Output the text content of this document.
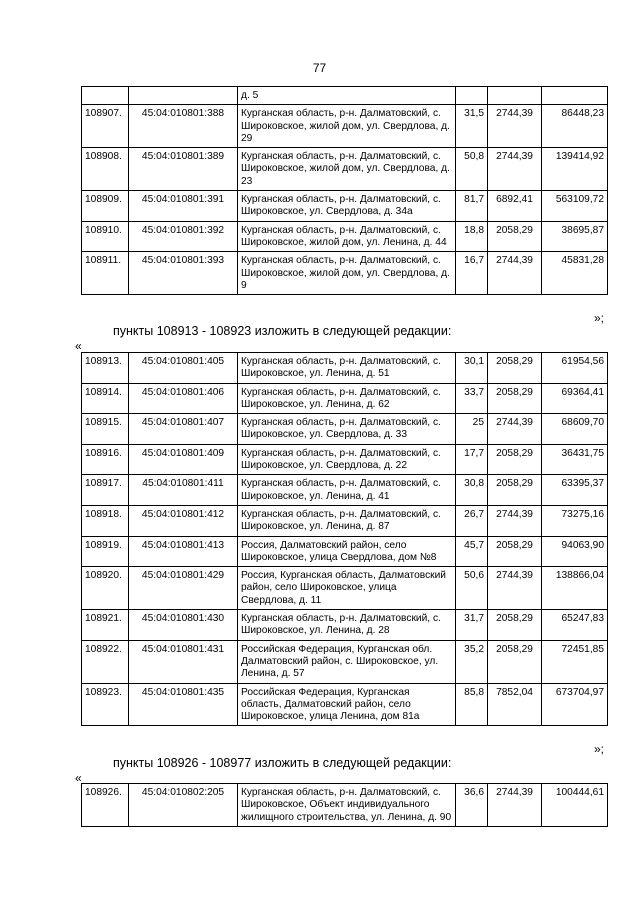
77
		д. 5			
108907.	45:04:010801:388	Курганская область, р-н. Далматовский, с. Широковское, жилой дом, ул. Свердлова, д. 29	31,5	2744,39	86448,23
108908.	45:04:010801:389	Курганская область, р-н. Далматовский, с. Широковское, жилой дом, ул. Свердлова, д. 23	50,8	2744,39	139414,92
108909.	45:04:010801:391	Курганская область, р-н. Далматовский, с. Широковское, ул. Свердлова, д. 34а	81,7	6892,41	563109,72
108910.	45:04:010801:392	Курганская область, р-н. Далматовский, с. Широковское, жилой дом, ул. Ленина, д. 44	18,8	2058,29	38695,87
108911.	45:04:010801:393	Курганская область, р-н. Далматовский, с. Широковское, жилой дом, ул. Свердлова, д. 9	16,7	2744,39	45831,28
»;
пункты 108913 - 108923 изложить в следующей редакции:
«
108913.	45:04:010801:405	Курганская область, р-н. Далматовский, с. Широковское, ул. Ленина, д. 51	30,1	2058,29	61954,56
108914.	45:04:010801:406	Курганская область, р-н. Далматовский, с. Широковское, ул. Ленина, д. 62	33,7	2058,29	69364,41
108915.	45:04:010801:407	Курганская область, р-н. Далматовский, с. Широковское, ул. Свердлова, д. 33	25	2744,39	68609,70
108916.	45:04:010801:409	Курганская область, р-н. Далматовский, с. Широковское, ул. Свердлова, д. 22	17,7	2058,29	36431,75
108917.	45:04:010801:411	Курганская область, р-н. Далматовский, с. Широковское, ул. Ленина, д. 41	30,8	2058,29	63395,37
108918.	45:04:010801:412	Курганская область, р-н. Далматовский, с. Широковское, ул. Ленина, д. 87	26,7	2744,39	73275,16
108919.	45:04:010801:413	Россия, Далматовский район, село Широковское, улица Свердлова, дом №8	45,7	2058,29	94063,90
108920.	45:04:010801:429	Россия, Курганская область, Далматовский район, село Широковское, улица Свердлова, д. 11	50,6	2744,39	138866,04
108921.	45:04:010801:430	Курганская область, р-н. Далматовский, с. Широковское, ул. Ленина, д. 28	31,7	2058,29	65247,83
108922.	45:04:010801:431	Российская Федерация, Курганская обл. Далматовский район, с. Широковское, ул. Ленина, д. 57	35,2	2058,29	72451,85
108923.	45:04:010801:435	Российская Федерация, Курганская область, Далматовский район, село Широковское, улица Ленина, дом 81а	85,8	7852,04	673704,97
»;
пункты 108926 - 108977 изложить в следующей редакции:
«
108926.	45:04:010802:205	Курганская область, р-н. Далматовский, с. Широковское, Объект индивидуального жилищного строительства, ул. Ленина, д. 90	36,6	2744,39	100444,61
